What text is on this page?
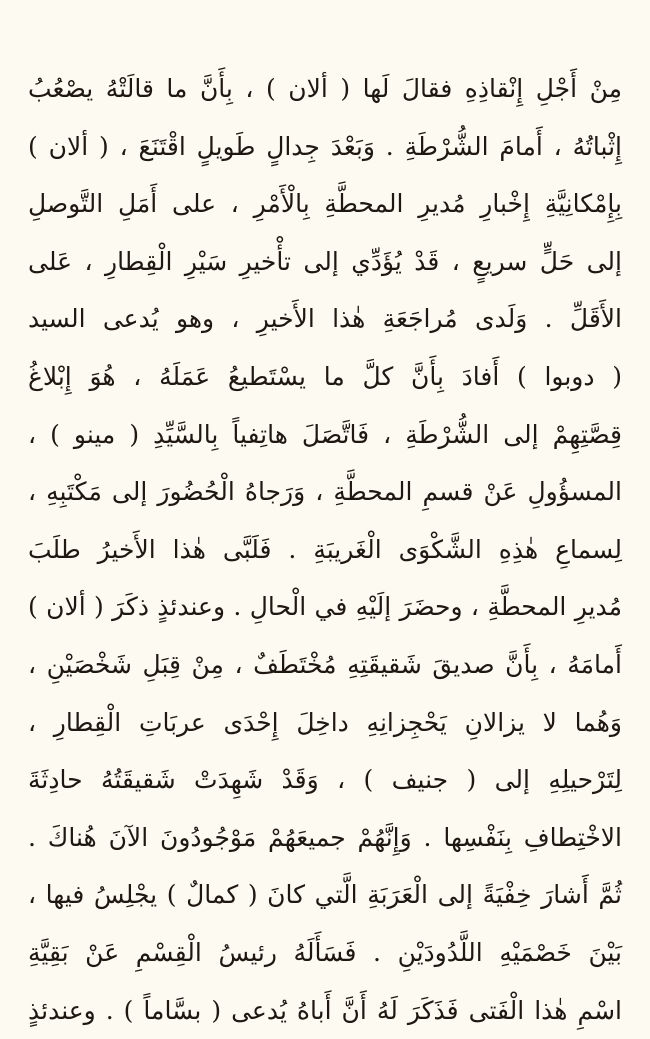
مِنْ أَجْلِ إِنْقاذِهِ فقالَ لَها ( ألان ) ، بِأَنَّ ما قالَتْهُ يصْعُبُ
إِثْباتُهُ ، أَمامَ الشُّرْطَةِ . وَبَعْدَ جِدالٍ طَويلٍ اقْتَنَعَ ، ( ألان )
بِإِمْكانِيَّةِ إِخْبارِ مُديرِ المحطَّةِ بِالْأَمْرِ ، على أَمَلِ التَّوصلِ
إلى حَلٍّ سريعٍ ، قَدْ يُؤَدِّي إلى تأْخيرِ سَيْرِ الْقِطارِ ، عَلى
الأَقَلِّ . وَلَدى مُراجَعَةِ هٰذا الأَخيرِ ، وهو يُدعى السيد
( دوبوا ) أَفادَ بِأَنَّ كلَّ ما يسْتَطيعُ عَمَلَهُ ، هُوَ إِبْلاغُ
قِصَّتِهِمْ إلى الشُّرْطَةِ ، فَاتَّصَلَ هاتِفياً بِالسَّيِّدِ ( مينو ) ،
المسؤُولِ عَنْ قسمِ المحطَّةِ ، وَرَجاهُ الْحُضُورَ إلى مَكْتَبِهِ ،
لِسماعِ هٰذِهِ الشَّكْوَى الْغَريبَةِ . فَلَبَّى هٰذا الأَخيرُ طلَبَ
مُديرِ المحطَّةِ ، وحضَرَ إلَيْهِ في الْحالِ . وعندئذٍ ذكَرَ ( ألان )
أَمامَهُ ، بِأَنَّ صديقَ شَقيقَتِهِ مُخْتَطَفٌ ، مِنْ قِبَلِ شَخْصَيْنِ ،
وَهُما لا يزالانِ يَحْجِزانِهِ داخِلَ إِحْدَى عربَاتِ الْقِطارِ ،
لِتَرْحيلِهِ إلى ( جنيف ) ، وَقَدْ شَهِدَتْ شَقيقَتُهُ حادِثَةَ
الاخْتِطافِ بِنَفْسِها . وَإِنَّهُمْ جميعَهُمْ مَوْجُودُونَ الآنَ هُناكَ .
ثُمَّ أَشارَ خِفْيَةً إلى الْعَرَبَةِ الَّتي كانَ ( كمالٌ ) يجْلِسُ فيها ،
بَيْنَ خَصْمَيْهِ اللَّدُودَيْنِ . فَسَأَلَهُ رئيسُ الْقِسْمِ عَنْ بَقِيَّةِ
اسْمِ هٰذا الْفَتى فَذَكَرَ لَهُ أَنَّ أَباهُ يُدعى ( بسَّاماً ) . وعندئذٍ
